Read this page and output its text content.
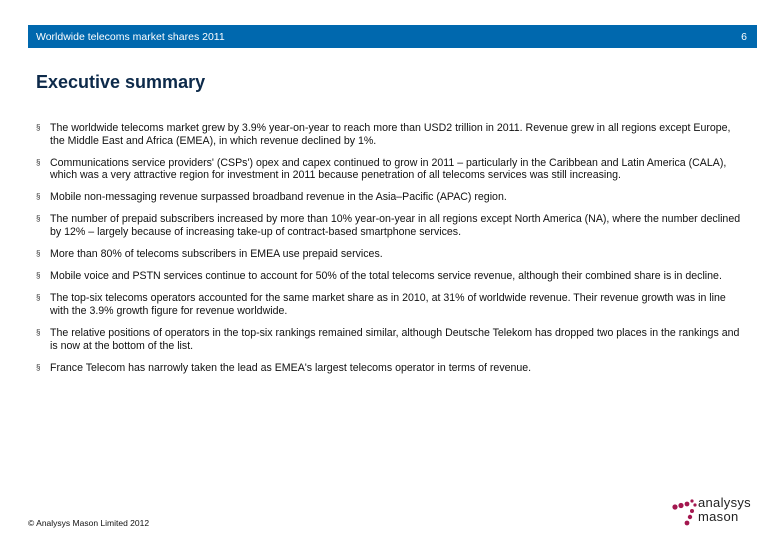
Worldwide telecoms market shares 2011	6
Executive summary
§ The worldwide telecoms market grew by 3.9% year-on-year to reach more than USD2 trillion in 2011. Revenue grew in all regions except Europe, the Middle East and Africa (EMEA), in which revenue declined by 1%.
§ Communications service providers' (CSPs') opex and capex continued to grow in 2011 – particularly in the Caribbean and Latin America (CALA), which was a very attractive region for investment in 2011 because penetration of all telecoms services was still increasing.
§ Mobile non-messaging revenue surpassed broadband revenue in the Asia–Pacific (APAC) region.
§ The number of prepaid subscribers increased by more than 10% year-on-year in all regions except North America (NA), where the number declined by 12% – largely because of increasing take-up of contract-based smartphone services.
§ More than 80% of telecoms subscribers in EMEA use prepaid services.
§ Mobile voice and PSTN services continue to account for 50% of the total telecoms service revenue, although their combined share is in decline.
§ The top-six telecoms operators accounted for the same market share as in 2010, at 31% of worldwide revenue. Their revenue growth was in line with the 3.9% growth figure for revenue worldwide.
§ The relative positions of operators in the top-six rankings remained similar, although Deutsche Telekom has dropped two places in the rankings and is now at the bottom of the list.
§ France Telecom has narrowly taken the lead as EMEA's largest telecoms operator in terms of revenue.
© Analysys Mason Limited 2012
analysys
mason
